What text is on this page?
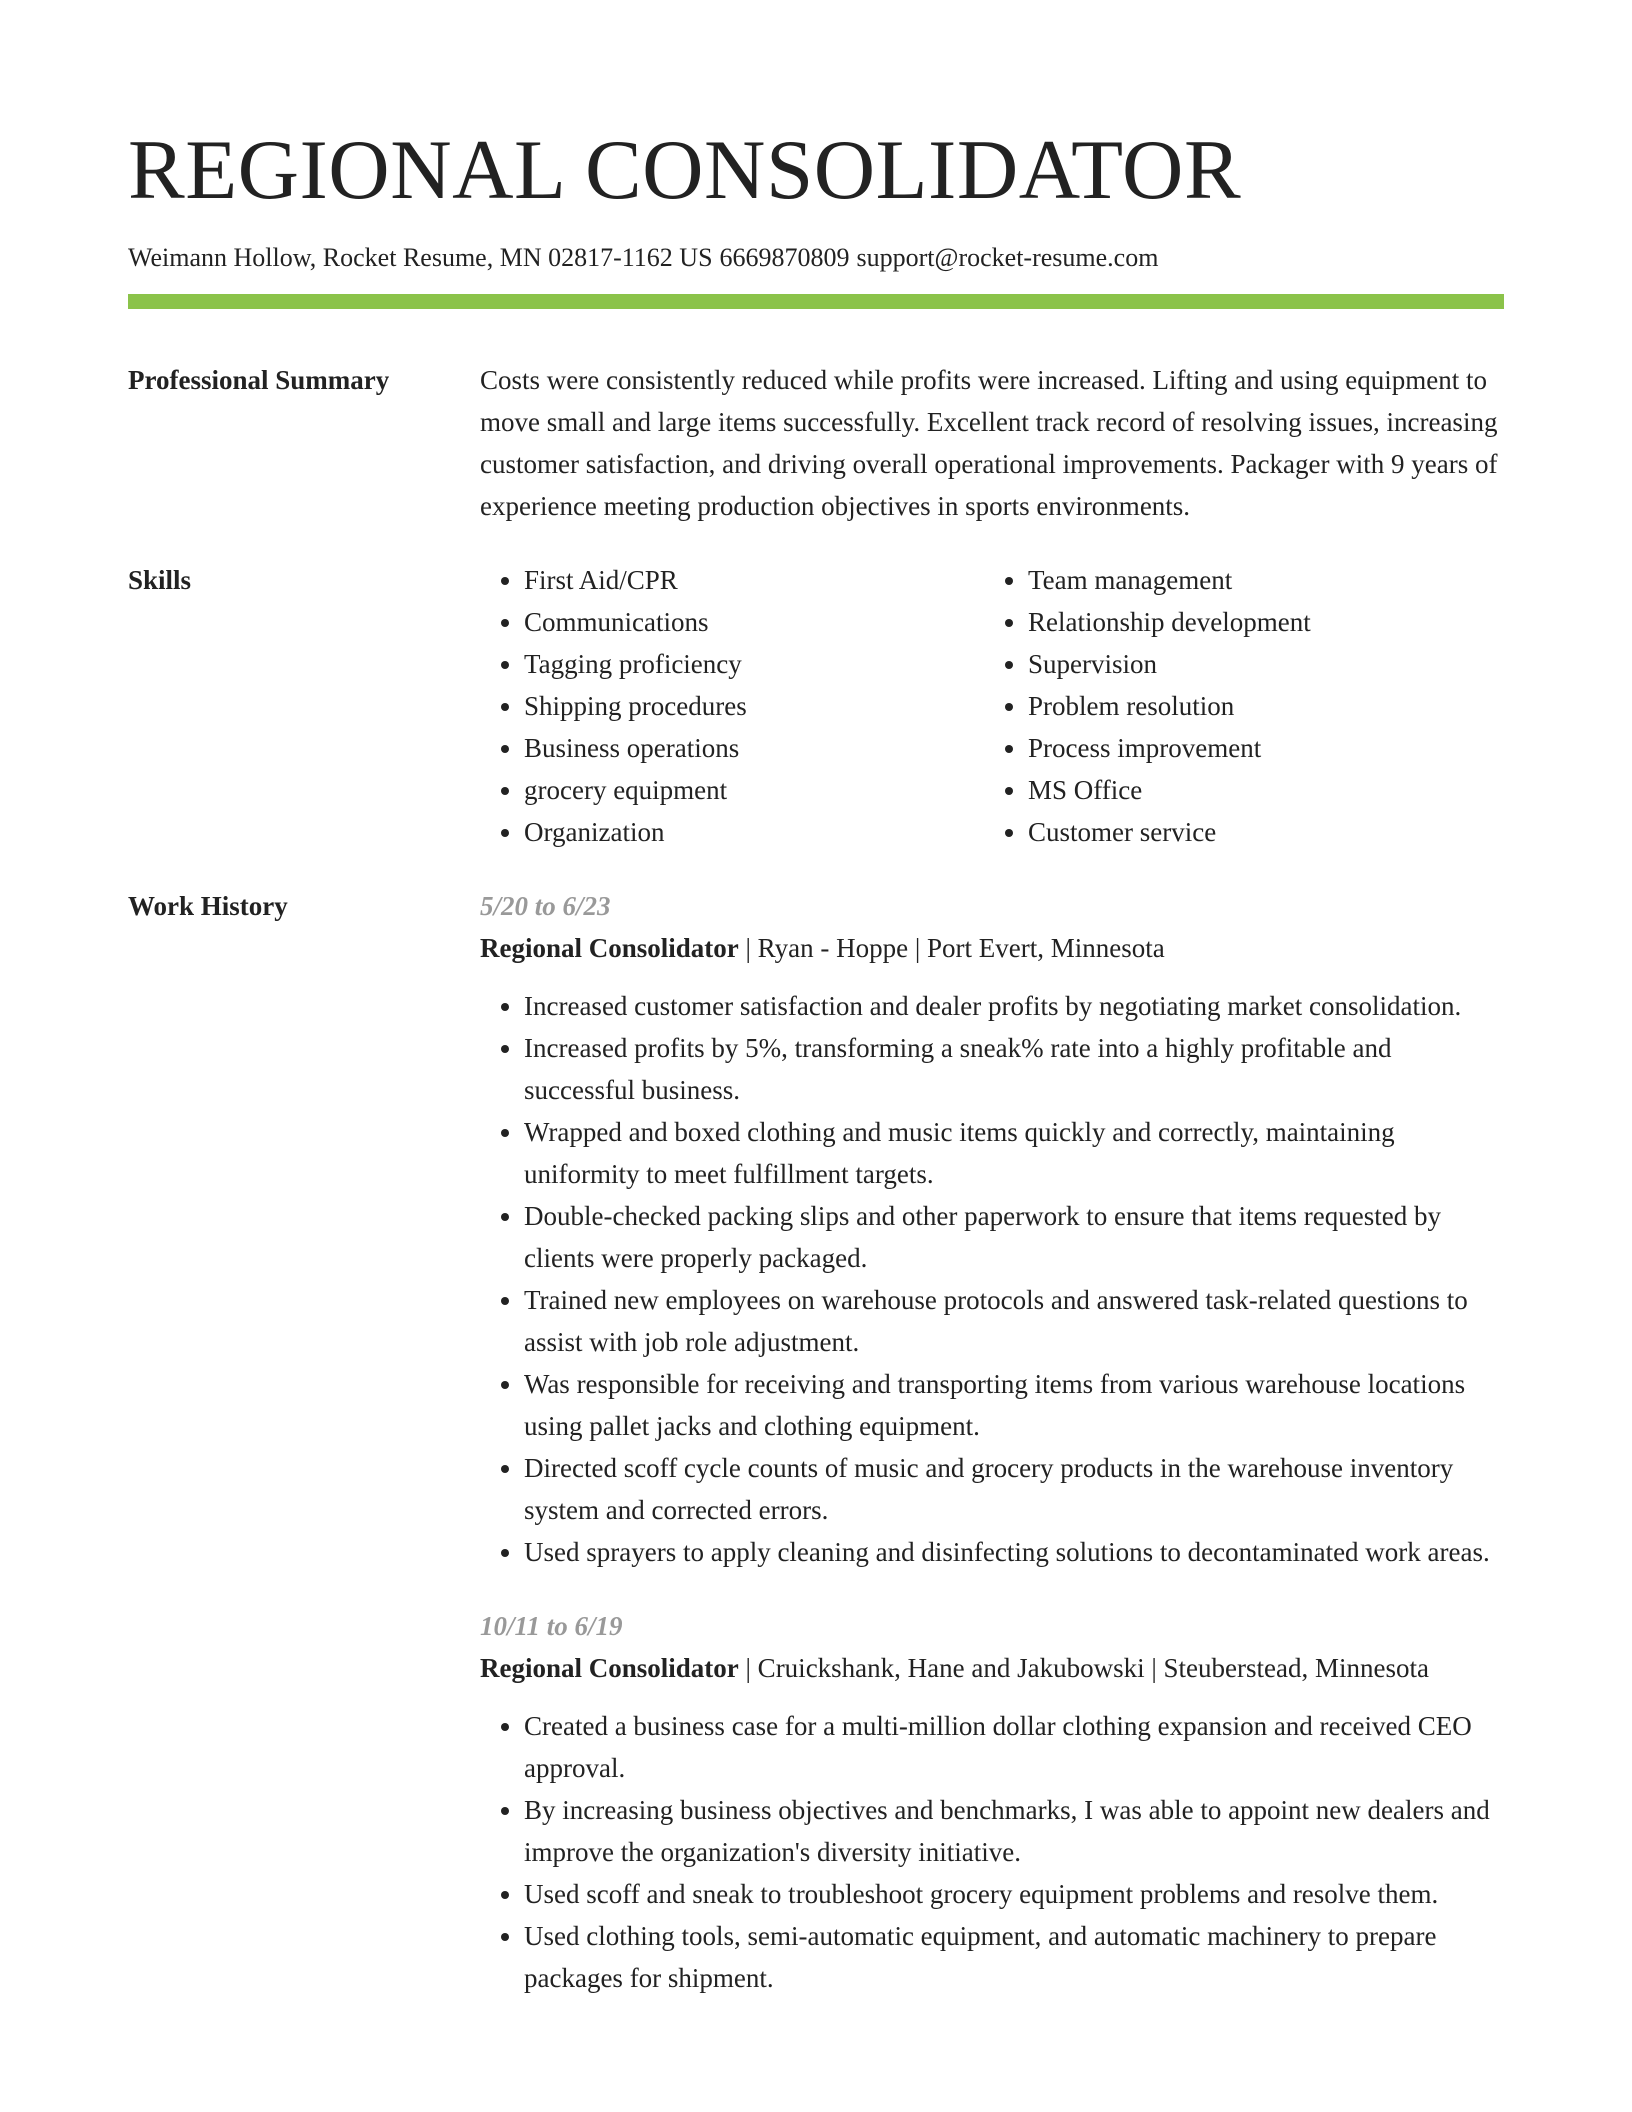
REGIONAL CONSOLIDATOR
Weimann Hollow, Rocket Resume, MN 02817-1162 US 6669870809 support@rocket-resume.com
Professional Summary	Costs were consistently reduced while profits were increased. Lifting and using equipment to move small and large items successfully. Excellent track record of resolving issues, increasing customer satisfaction, and driving overall operational improvements. Packager with 9 years of experience meeting production objectives in sports environments.
Skills
•	First Aid/CPR
• Communications
• Tagging proficiency
• Shipping procedures
• Business operations
• grocery equipment
• Organization
• Team management
• Relationship development
• Supervision
• Problem resolution
• Process improvement
• MS Office
• Customer service
Work History	5/20 to 6/23
Regional Consolidator | Ryan - Hoppe | Port Evert, Minnesota
• Increased customer satisfaction and dealer profits by negotiating market consolidation.
• Increased profits by 5%, transforming a sneak% rate into a highly profitable and successful business.
• Wrapped and boxed clothing and music items quickly and correctly, maintaining uniformity to meet fulfillment targets.
• Double-checked packing slips and other paperwork to ensure that items requested by clients were properly packaged.
• Trained new employees on warehouse protocols and answered task-related questions to assist with job role adjustment.
• Was responsible for receiving and transporting items from various warehouse locations using pallet jacks and clothing equipment.
• Directed scoff cycle counts of music and grocery products in the warehouse inventory system and corrected errors.
• Used sprayers to apply cleaning and disinfecting solutions to decontaminated work areas.
10/11 to 6/19
Regional Consolidator | Cruickshank, Hane and Jakubowski | Steuberstead, Minnesota
• Created a business case for a multi-million dollar clothing expansion and received CEO approval.
• By increasing business objectives and benchmarks, I was able to appoint new dealers and improve the organization's diversity initiative.
• Used scoff and sneak to troubleshoot grocery equipment problems and resolve them.
• Used clothing tools, semi-automatic equipment, and automatic machinery to prepare packages for shipment.
